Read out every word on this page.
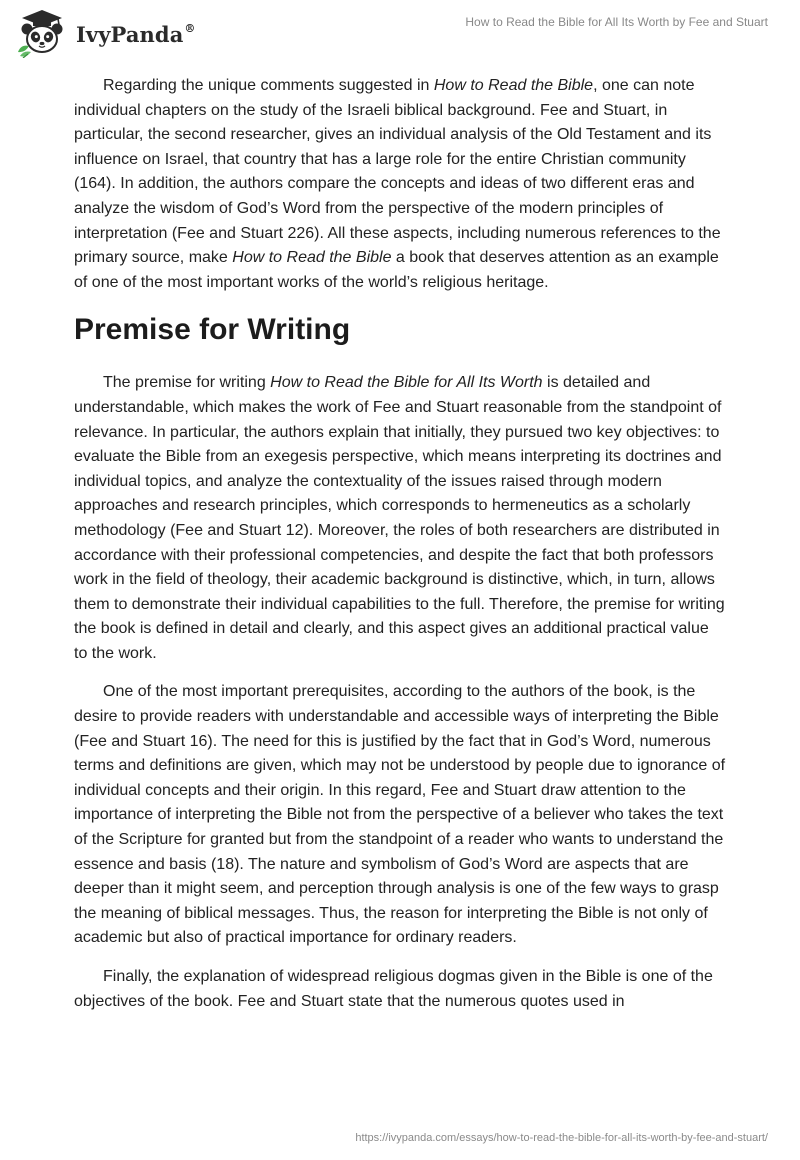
IvyPanda®	How to Read the Bible for All Its Worth by Fee and Stuart

Regarding the unique comments suggested in How to Read the Bible, one can note individual chapters on the study of the Israeli biblical background. Fee and Stuart, in particular, the second researcher, gives an individual analysis of the Old Testament and its influence on Israel, that country that has a large role for the entire Christian community (164). In addition, the authors compare the concepts and ideas of two different eras and analyze the wisdom of God’s Word from the perspective of the modern principles of interpretation (Fee and Stuart 226). All these aspects, including numerous references to the primary source, make How to Read the Bible a book that deserves attention as an example of one of the most important works of the world’s religious heritage.

Premise for Writing

The premise for writing How to Read the Bible for All Its Worth is detailed and understandable, which makes the work of Fee and Stuart reasonable from the standpoint of relevance. In particular, the authors explain that initially, they pursued two key objectives: to evaluate the Bible from an exegesis perspective, which means interpreting its doctrines and individual topics, and analyze the contextuality of the issues raised through modern approaches and research principles, which corresponds to hermeneutics as a scholarly methodology (Fee and Stuart 12). Moreover, the roles of both researchers are distributed in accordance with their professional competencies, and despite the fact that both professors work in the field of theology, their academic background is distinctive, which, in turn, allows them to demonstrate their individual capabilities to the full. Therefore, the premise for writing the book is defined in detail and clearly, and this aspect gives an additional practical value to the work.

One of the most important prerequisites, according to the authors of the book, is the desire to provide readers with understandable and accessible ways of interpreting the Bible (Fee and Stuart 16). The need for this is justified by the fact that in God’s Word, numerous terms and definitions are given, which may not be understood by people due to ignorance of individual concepts and their origin. In this regard, Fee and Stuart draw attention to the importance of interpreting the Bible not from the perspective of a believer who takes the text of the Scripture for granted but from the standpoint of a reader who wants to understand the essence and basis (18). The nature and symbolism of God’s Word are aspects that are deeper than it might seem, and perception through analysis is one of the few ways to grasp the meaning of biblical messages. Thus, the reason for interpreting the Bible is not only of academic but also of practical importance for ordinary readers.

Finally, the explanation of widespread religious dogmas given in the Bible is one of the objectives of the book. Fee and Stuart state that the numerous quotes used in

https://ivypanda.com/essays/how-to-read-the-bible-for-all-its-worth-by-fee-and-stuart/
